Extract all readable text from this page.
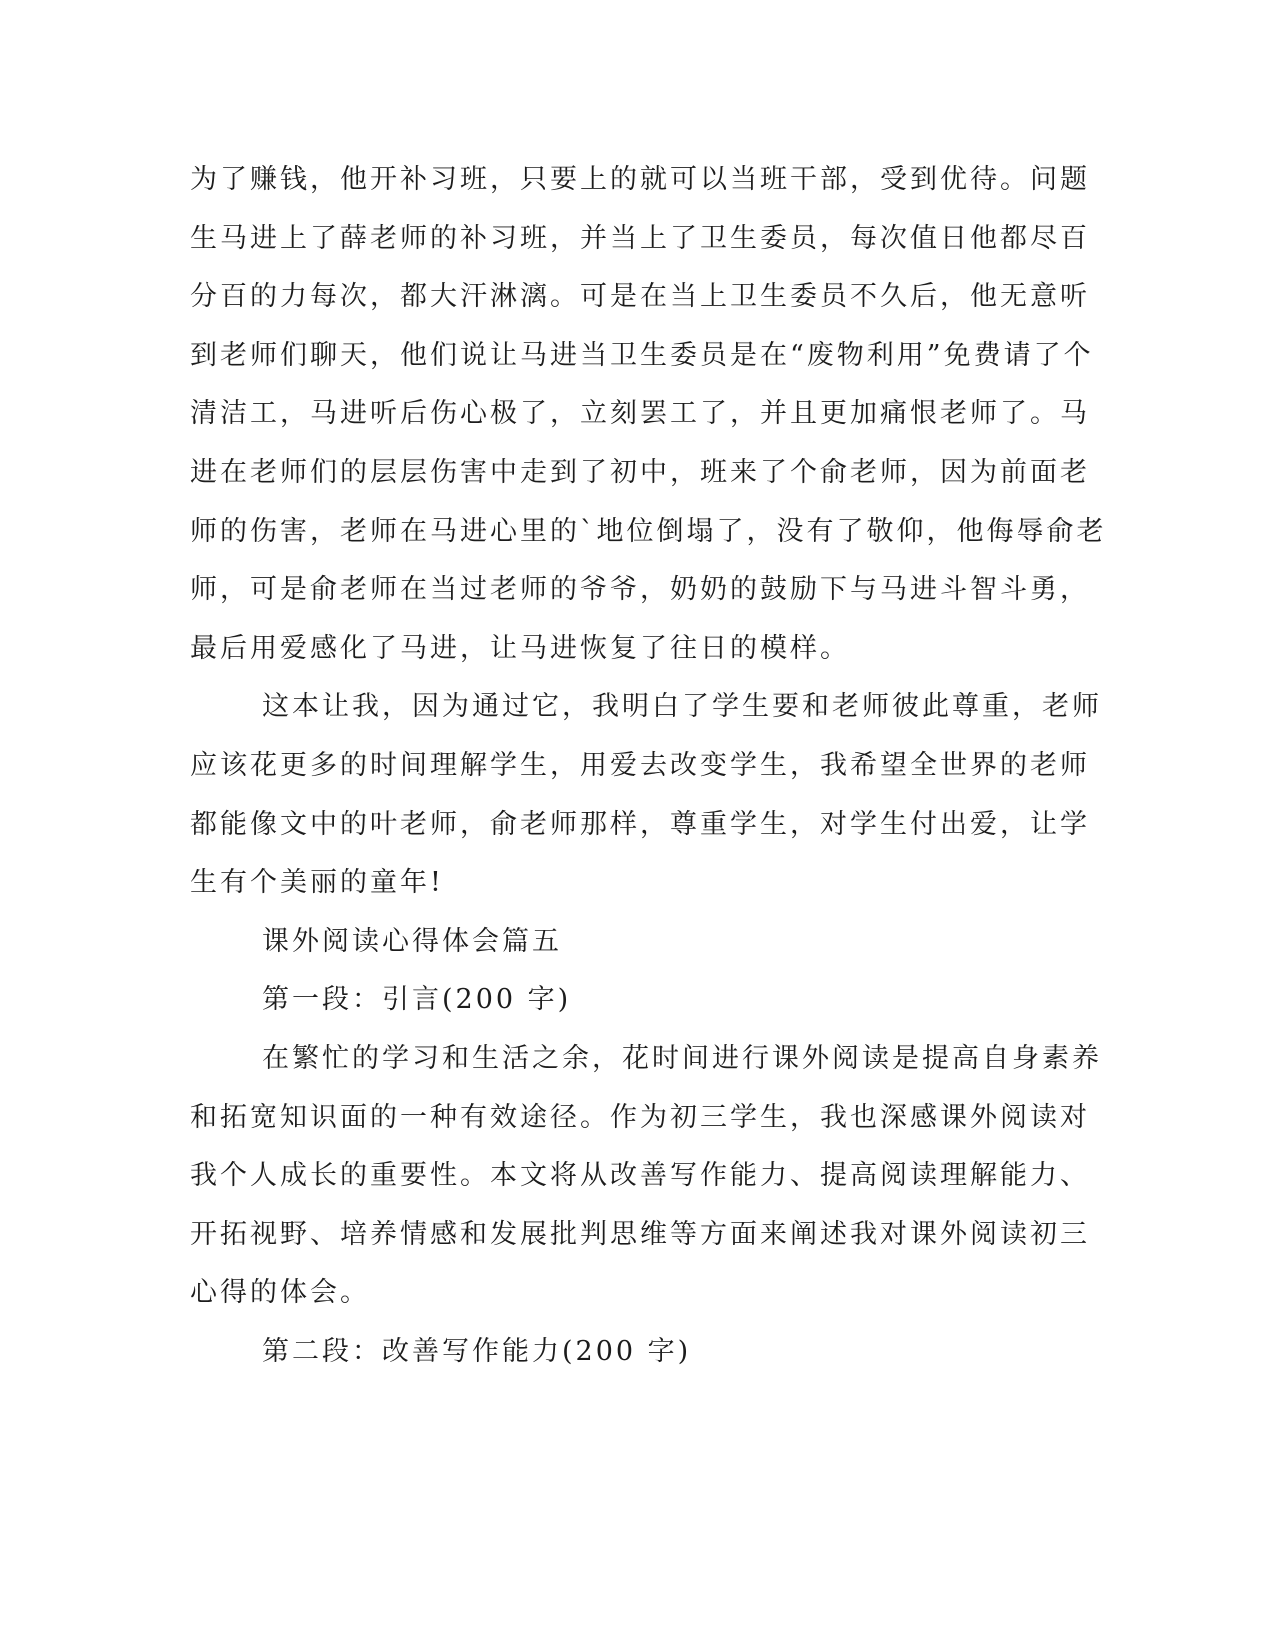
为了赚钱，他开补习班，只要上的就可以当班干部，受到优待。问题
生马进上了薛老师的补习班，并当上了卫生委员，每次值日他都尽百
分百的力每次，都大汗淋漓。可是在当上卫生委员不久后，他无意听
到老师们聊天，他们说让马进当卫生委员是在“废物利用”免费请了个
清洁工，马进听后伤心极了，立刻罢工了，并且更加痛恨老师了。马
进在老师们的层层伤害中走到了初中，班来了个俞老师，因为前面老
师的伤害，老师在马进心里的`地位倒塌了，没有了敬仰，他侮辱俞老
师，可是俞老师在当过老师的爷爷，奶奶的鼓励下与马进斗智斗勇，
最后用爱感化了马进，让马进恢复了往日的模样。
这本让我，因为通过它，我明白了学生要和老师彼此尊重，老师
应该花更多的时间理解学生，用爱去改变学生，我希望全世界的老师
都能像文中的叶老师，俞老师那样，尊重学生，对学生付出爱，让学
生有个美丽的童年!
课外阅读心得体会篇五
第一段：引言(200 字)
在繁忙的学习和生活之余，花时间进行课外阅读是提高自身素养
和拓宽知识面的一种有效途径。作为初三学生，我也深感课外阅读对
我个人成长的重要性。本文将从改善写作能力、提高阅读理解能力、
开拓视野、培养情感和发展批判思维等方面来阐述我对课外阅读初三
心得的体会。
第二段：改善写作能力(200 字)
